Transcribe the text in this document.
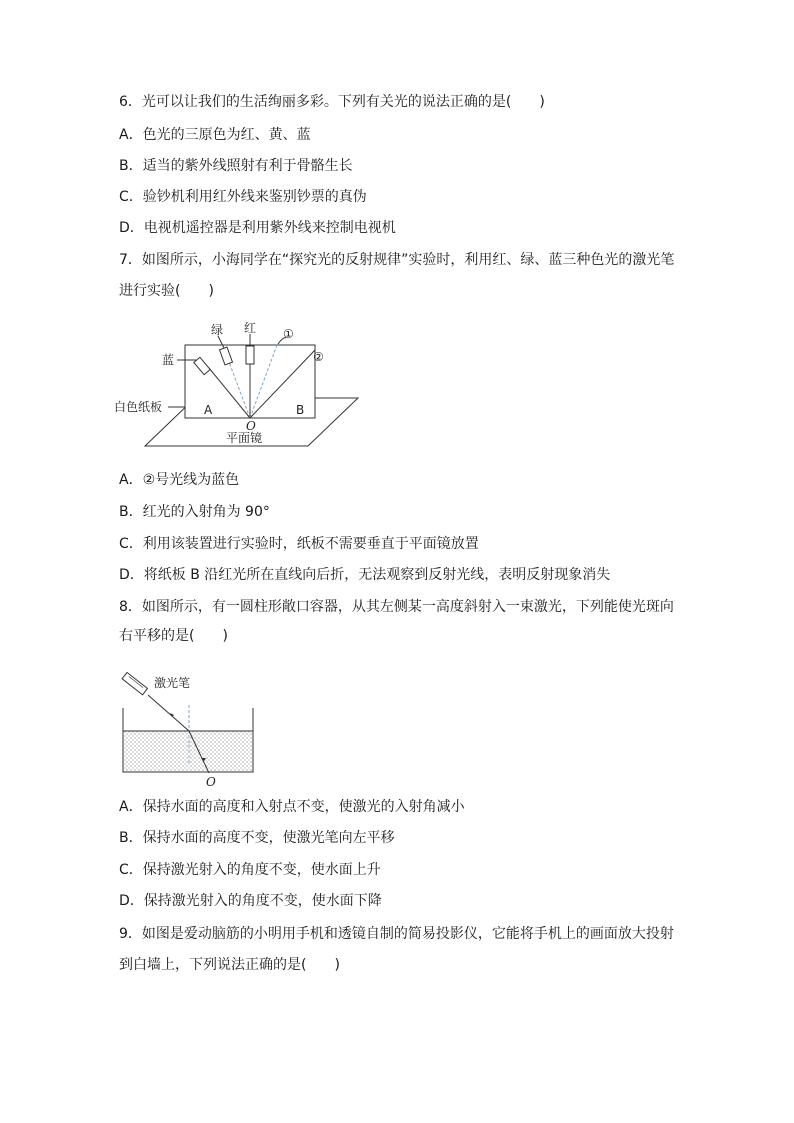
6．光可以让我们的生活绚丽多彩。下列有关光的说法正确的是(　　)
A．色光的三原色为红、黄、蓝
B．适当的紫外线照射有利于骨骼生长
C．验钞机利用红外线来鉴别钞票的真伪
D．电视机遥控器是利用紫外线来控制电视机
7．如图所示，小海同学在“探究光的反射规律”实验时，利用红、绿、蓝三种色光的激光笔
进行实验(　　)
绿 红 ①
②
蓝
白色纸板	A	B
O
平面镜
A．②号光线为蓝色
B．红光的入射角为 90°
C．利用该装置进行实验时，纸板不需要垂直于平面镜放置
D．将纸板 B 沿红光所在直线向后折，无法观察到反射光线，表明反射现象消失
8．如图所示，有一圆柱形敞口容器，从其左侧某一高度斜射入一束激光，下列能使光斑向
右平移的是(　　)
激光笔
O
A．保持水面的高度和入射点不变，使激光的入射角减小
B．保持水面的高度不变，使激光笔向左平移
C．保持激光射入的角度不变，使水面上升
D．保持激光射入的角度不变，使水面下降
9．如图是爱动脑筋的小明用手机和透镜自制的简易投影仪，它能将手机上的画面放大投射
到白墙上，下列说法正确的是(　　)
